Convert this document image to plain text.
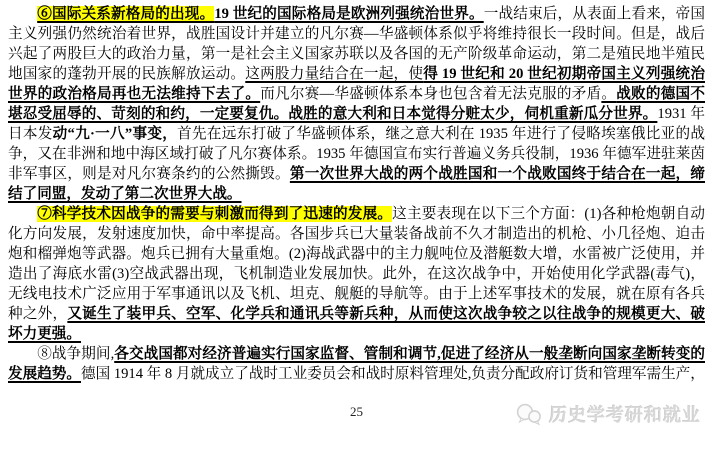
⑥国际关系新格局的出现。19 世纪的国际格局是欧洲列强统治世界。一战结束后，从表面上看来，帝国主义列强仍然统治着世界，战胜国设计并建立的凡尔赛—华盛顿体系似乎将维持很长一段时间。但是，战后兴起了两股巨大的政治力量，第一是社会主义国家苏联以及各国的无产阶级革命运动，第二是殖民地半殖民地国家的蓬勃开展的民族解放运动。这两股力量结合在一起，使得 19 世纪和 20 世纪初期帝国主义列强统治世界的政治格局再也无法维持下去了。而凡尔赛—华盛顿体系本身也包含着无法克服的矛盾。战败的德国不堪忍受屈辱的、苛刻的和约，一定要复仇。战胜的意大利和日本觉得分赃太少，伺机重新瓜分世界。1931 年日本发动“九·一八”事变，首先在远东打破了华盛顿体系，继之意大利在 1935 年进行了侵略埃塞俄比亚的战争，又在非洲和地中海区域打破了凡尔赛体系。1935 年德国宣布实行普遍义务兵役制，1936 年德军进驻莱茵非军事区，则是对凡尔赛条约的公然撕毁。第一次世界大战的两个战胜国和一个战败国终于结合在一起，缔结了同盟，发动了第二次世界大战。

⑦科学技术因战争的需要与刺激而得到了迅速的发展。这主要表现在以下三个方面：(1)各种枪炮朝自动化方向发展，发射速度加快，命中率提高。各国步兵已大量装备战前不久才制造出的机枪、小几径炮、迫击炮和榴弹炮等武器。炮兵已拥有大量重炮。(2)海战武器中的主力舰吨位及潜艇数大增，水雷被广泛使用，并造出了海底水雷(3)空战武器出现，飞机制造业发展加快。此外，在这次战争中，开始使用化学武器(毒气)，无线电技术广泛应用于军事通讯以及飞机、坦克、舰艇的导航等。由于上述军事技术的发展，就在原有各兵种之外，又诞生了装甲兵、空军、化学兵和通讯兵等新兵种，从而使这次战争较之以往战争的规模更大、破坏力更强。

⑧战争期间,各交战国都对经济普遍实行国家监督、管制和调节,促进了经济从一般垄断向国家垄断转变的发展趋势。德国 1914 年 8 月就成立了战时工业委员会和战时原料管理处,负责分配政府订货和管理军需生产，

25	历史学考研和就业
